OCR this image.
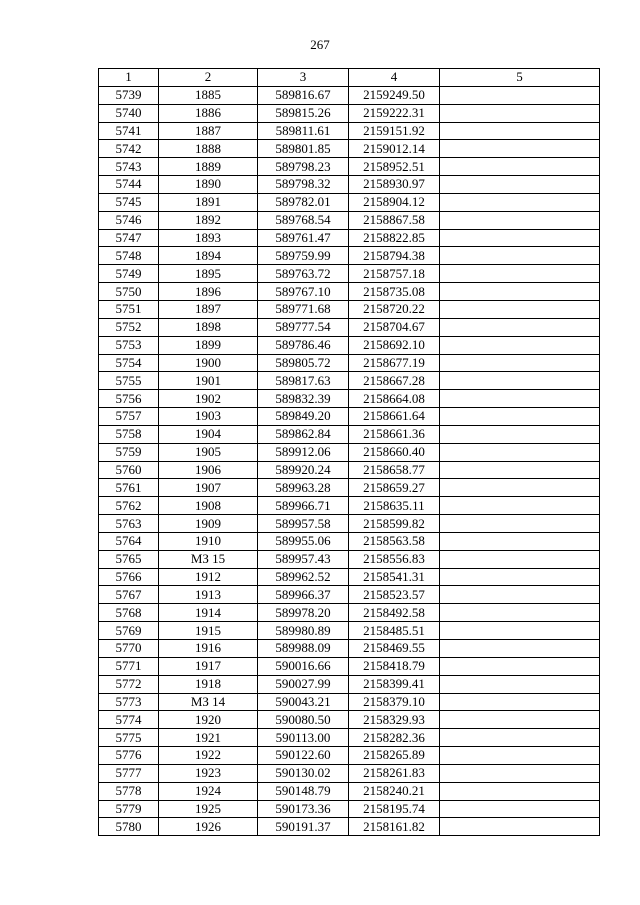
267
1	2	3	4	5
5739	1885	589816.67	2159249.50	
5740	1886	589815.26	2159222.31	
5741	1887	589811.61	2159151.92	
5742	1888	589801.85	2159012.14	
5743	1889	589798.23	2158952.51	
5744	1890	589798.32	2158930.97	
5745	1891	589782.01	2158904.12	
5746	1892	589768.54	2158867.58	
5747	1893	589761.47	2158822.85	
5748	1894	589759.99	2158794.38	
5749	1895	589763.72	2158757.18	
5750	1896	589767.10	2158735.08	
5751	1897	589771.68	2158720.22	
5752	1898	589777.54	2158704.67	
5753	1899	589786.46	2158692.10	
5754	1900	589805.72	2158677.19	
5755	1901	589817.63	2158667.28	
5756	1902	589832.39	2158664.08	
5757	1903	589849.20	2158661.64	
5758	1904	589862.84	2158661.36	
5759	1905	589912.06	2158660.40	
5760	1906	589920.24	2158658.77	
5761	1907	589963.28	2158659.27	
5762	1908	589966.71	2158635.11	
5763	1909	589957.58	2158599.82	
5764	1910	589955.06	2158563.58	
5765	МЗ 15	589957.43	2158556.83	
5766	1912	589962.52	2158541.31	
5767	1913	589966.37	2158523.57	
5768	1914	589978.20	2158492.58	
5769	1915	589980.89	2158485.51	
5770	1916	589988.09	2158469.55	
5771	1917	590016.66	2158418.79	
5772	1918	590027.99	2158399.41	
5773	МЗ 14	590043.21	2158379.10	
5774	1920	590080.50	2158329.93	
5775	1921	590113.00	2158282.36	
5776	1922	590122.60	2158265.89	
5777	1923	590130.02	2158261.83	
5778	1924	590148.79	2158240.21	
5779	1925	590173.36	2158195.74	
5780	1926	590191.37	2158161.82	
